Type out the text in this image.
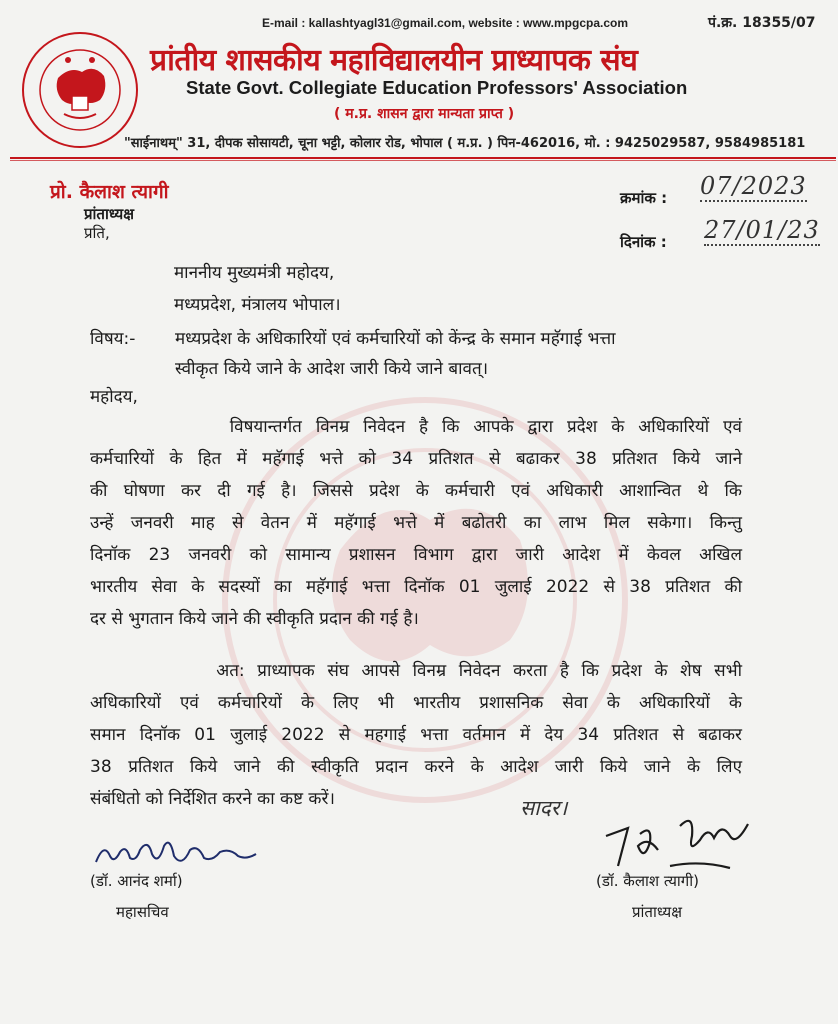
E-mail : kallashtyagl31@gmail.com, website : www.mpgcpa.com	पं.क्र. 18355/07
प्रांतीय शासकीय महाविद्यालयीन प्राध्यापक संघ
State Govt. Collegiate Education Professors' Association
( म.प्र. शासन द्वारा मान्यता प्राप्त )
"साईनाथम्" 31, दीपक सोसायटी, चूना भट्टी, कोलार रोड, भोपाल ( म.प्र. ) पिन-462016, मो. : 9425029587, 9584985181
प्रो. कैलाश त्यागी
प्रांताध्यक्ष
क्रमांक : 07/2023
दिनांक : 27/01/23
प्रति,
माननीय मुख्यमंत्री महोदय,
मध्यप्रदेश, मंत्रालय भोपाल।
विषय:- मध्यप्रदेश के अधिकारियों एवं कर्मचारियों को केंन्द्र के समान महॅगाई भत्ता
स्वीकृत किये जाने के आदेश जारी किये जाने बावत्।
महोदय,
विषयान्तर्गत विनम्र निवेदन है कि आपके द्वारा प्रदेश के अधिकारियों एवं
कर्मचारियों के हित में महॅगाई भत्ते को 34 प्रतिशत से बढाकर 38 प्रतिशत किये जाने
की घोषणा कर दी गई है। जिससे प्रदेश के कर्मचारी एवं अधिकारी आशान्वित थे कि
उन्हें जनवरी माह से वेतन में महॅगाई भत्ते में बढोतरी का लाभ मिल सकेगा। किन्तु
दिनॉक 23 जनवरी को सामान्य प्रशासन विभाग द्वारा जारी आदेश में केवल अखिल
भारतीय सेवा के सदस्यों का महॅगाई भत्ता दिनॉक 01 जुलाई 2022 से 38 प्रतिशत की
दर से भुगतान किये जाने की स्वीकृति प्रदान की गई है।
अत: प्राध्यापक संघ आपसे विनम्र निवेदन करता है कि प्रदेश के शेष सभी
अधिकारियों एवं कर्मचारियों के लिए भी भारतीय प्रशासनिक सेवा के अधिकारियों के
समान दिनॉक 01 जुलाई 2022 से महगाई भत्ता वर्तमान में देय 34 प्रतिशत से बढाकर
38 प्रतिशत किये जाने की स्वीकृति प्रदान करने के आदेश जारी किये जाने के लिए
संबंधितो को निर्देशित करने का कष्ट करें।	सादर।
(डॉ. आनंद शर्मा)
महासचिव
(डॉ. कैलाश त्यागी)
प्रांताध्यक्ष
